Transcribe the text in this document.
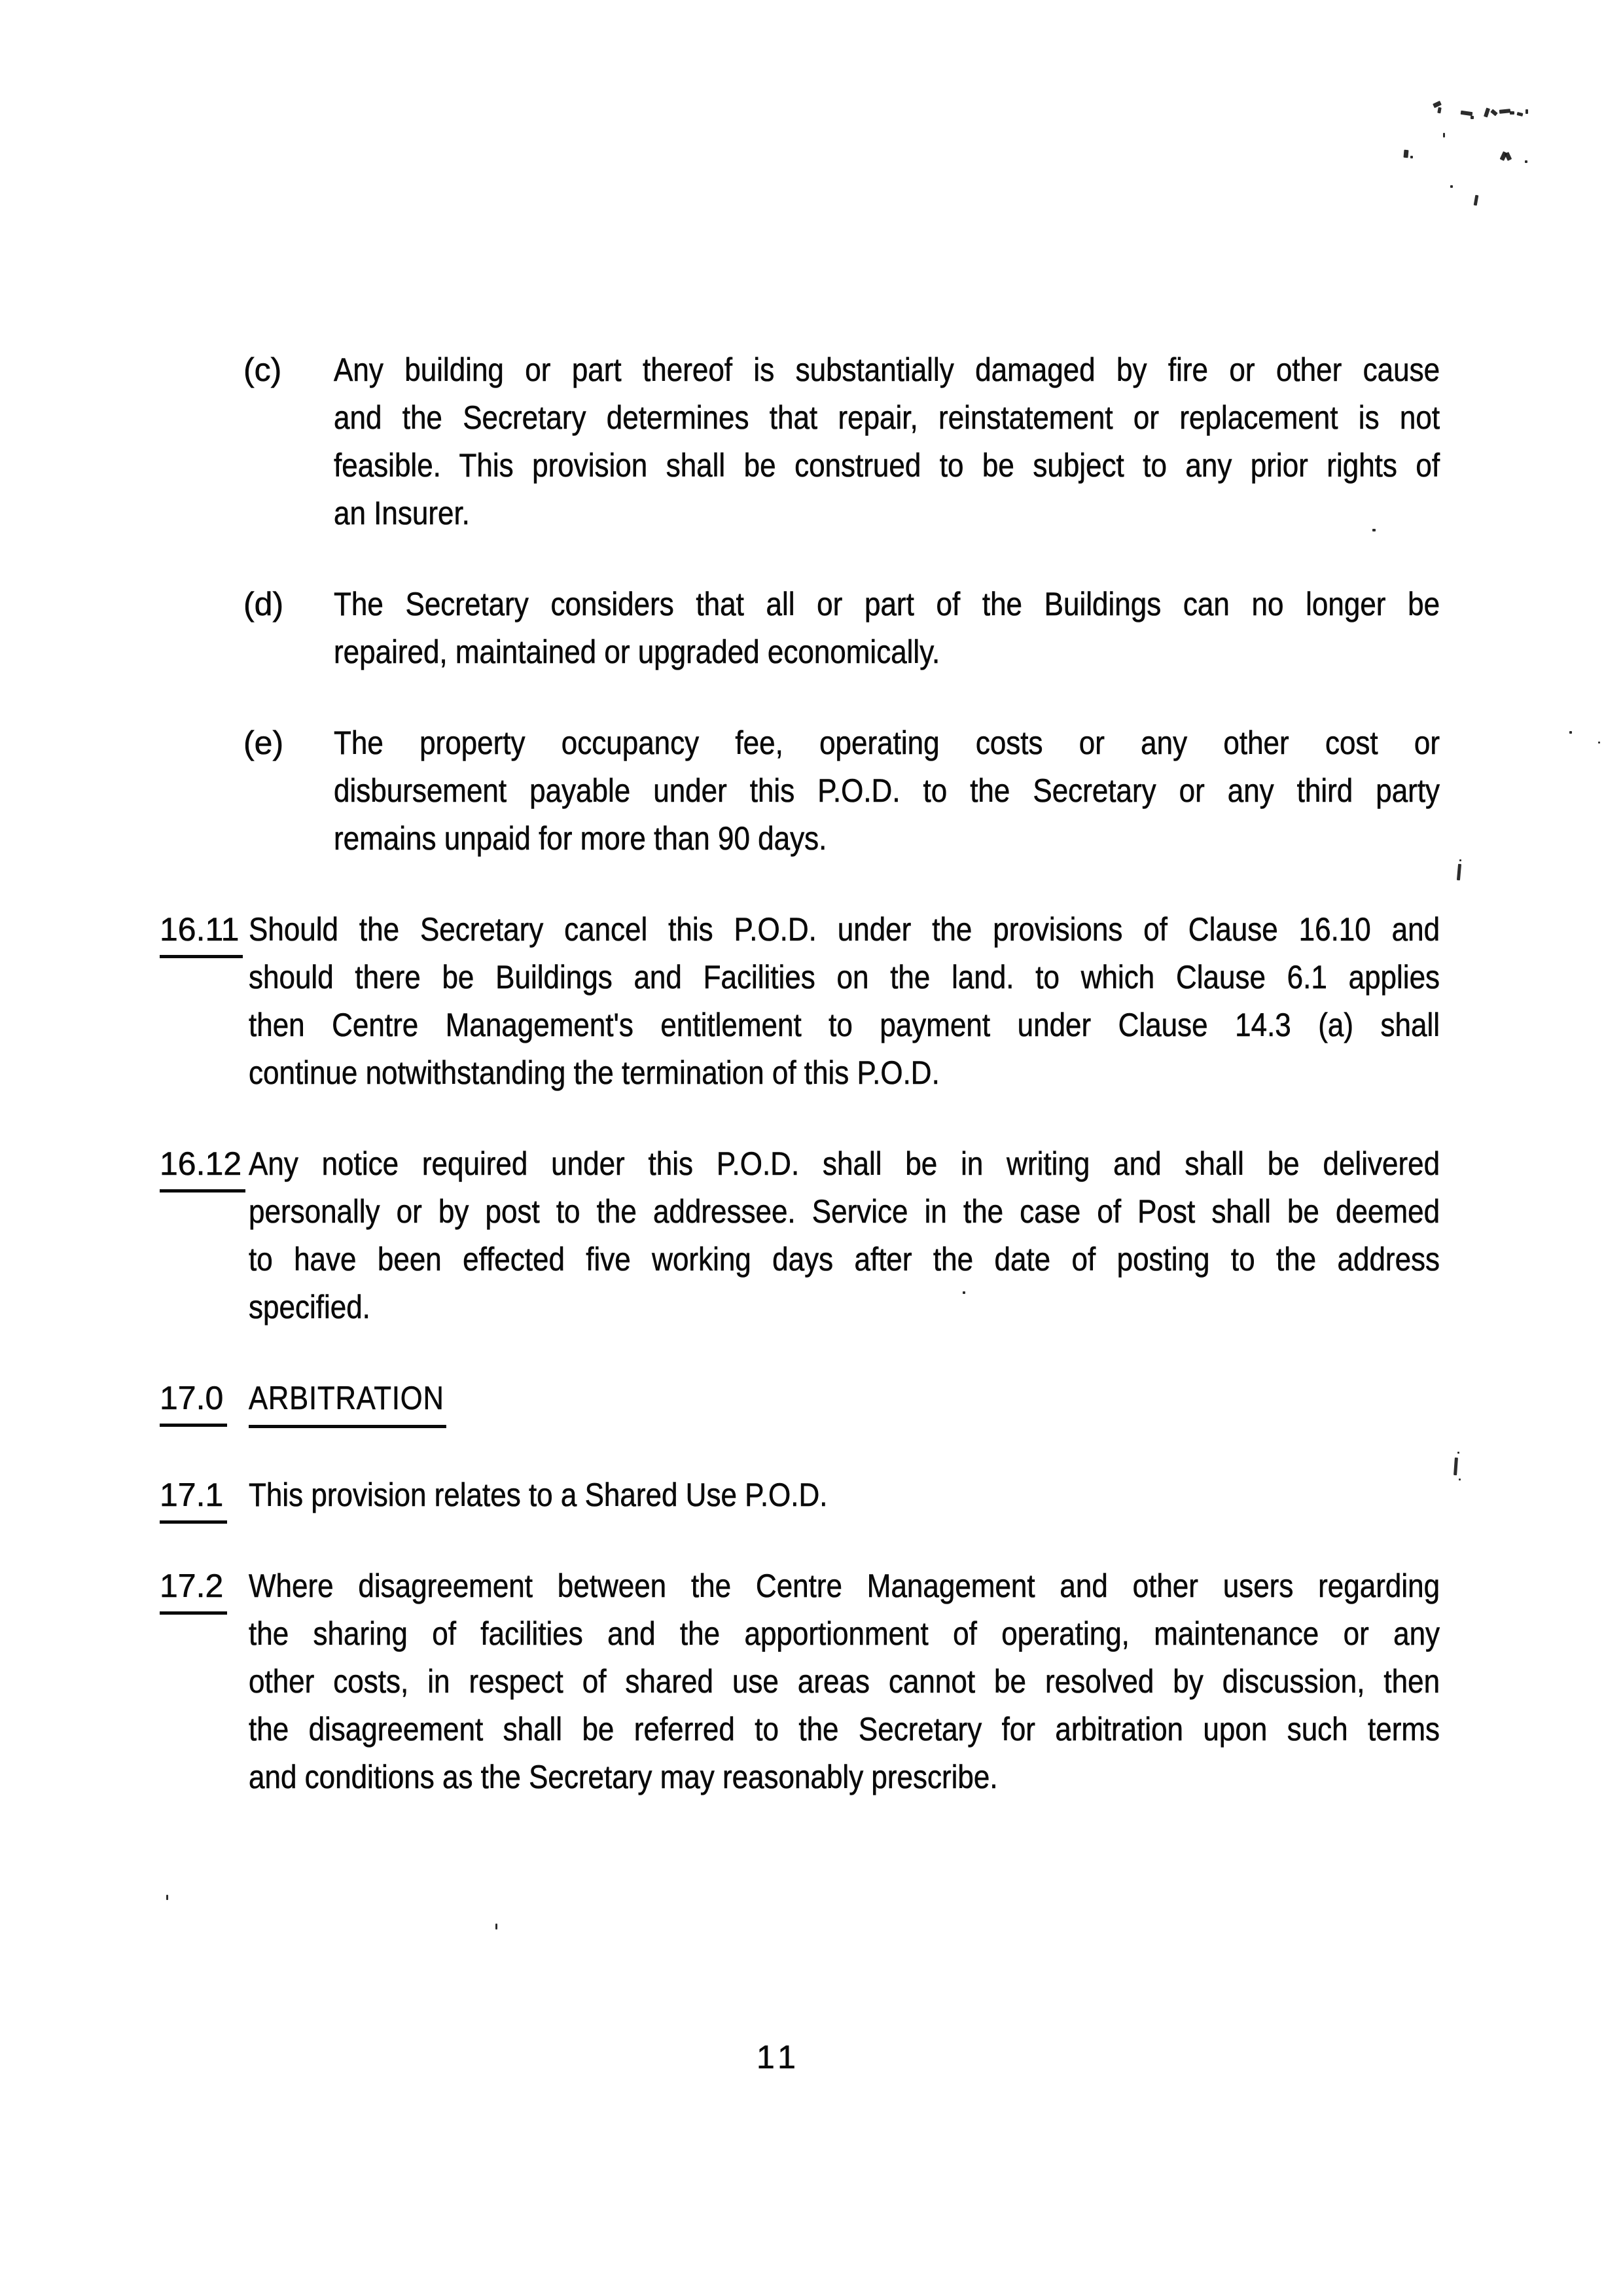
(c) Any building or part thereof is substantially damaged by fire or other cause
and the Secretary determines that repair, reinstatement or replacement is not
feasible. This provision shall be construed to be subject to any prior rights of
an Insurer.
(d) The Secretary considers that all or part of the Buildings can no longer be
repaired, maintained or upgraded economically.
(e) The property occupancy fee, operating costs or any other cost or
disbursement payable under this P.O.D. to the Secretary or any third party
remains unpaid for more than 90 days.
16.11 Should the Secretary cancel this P.O.D. under the provisions of Clause 16.10 and
should there be Buildings and Facilities on the land. to which Clause 6.1 applies
then Centre Management's entitlement to payment under Clause 14.3 (a) shall
continue notwithstanding the termination of this P.O.D.
16.12 Any notice required under this P.O.D. shall be in writing and shall be delivered
personally or by post to the addressee. Service in the case of Post shall be deemed
to have been effected five working days after the date of posting to the address
specified.
17.0 ARBITRATION
17.1 This provision relates to a Shared Use P.O.D.
17.2 Where disagreement between the Centre Management and other users regarding
the sharing of facilities and the apportionment of operating, maintenance or any
other costs, in respect of shared use areas cannot be resolved by discussion, then
the disagreement shall be referred to the Secretary for arbitration upon such terms
and conditions as the Secretary may reasonably prescribe.
11
